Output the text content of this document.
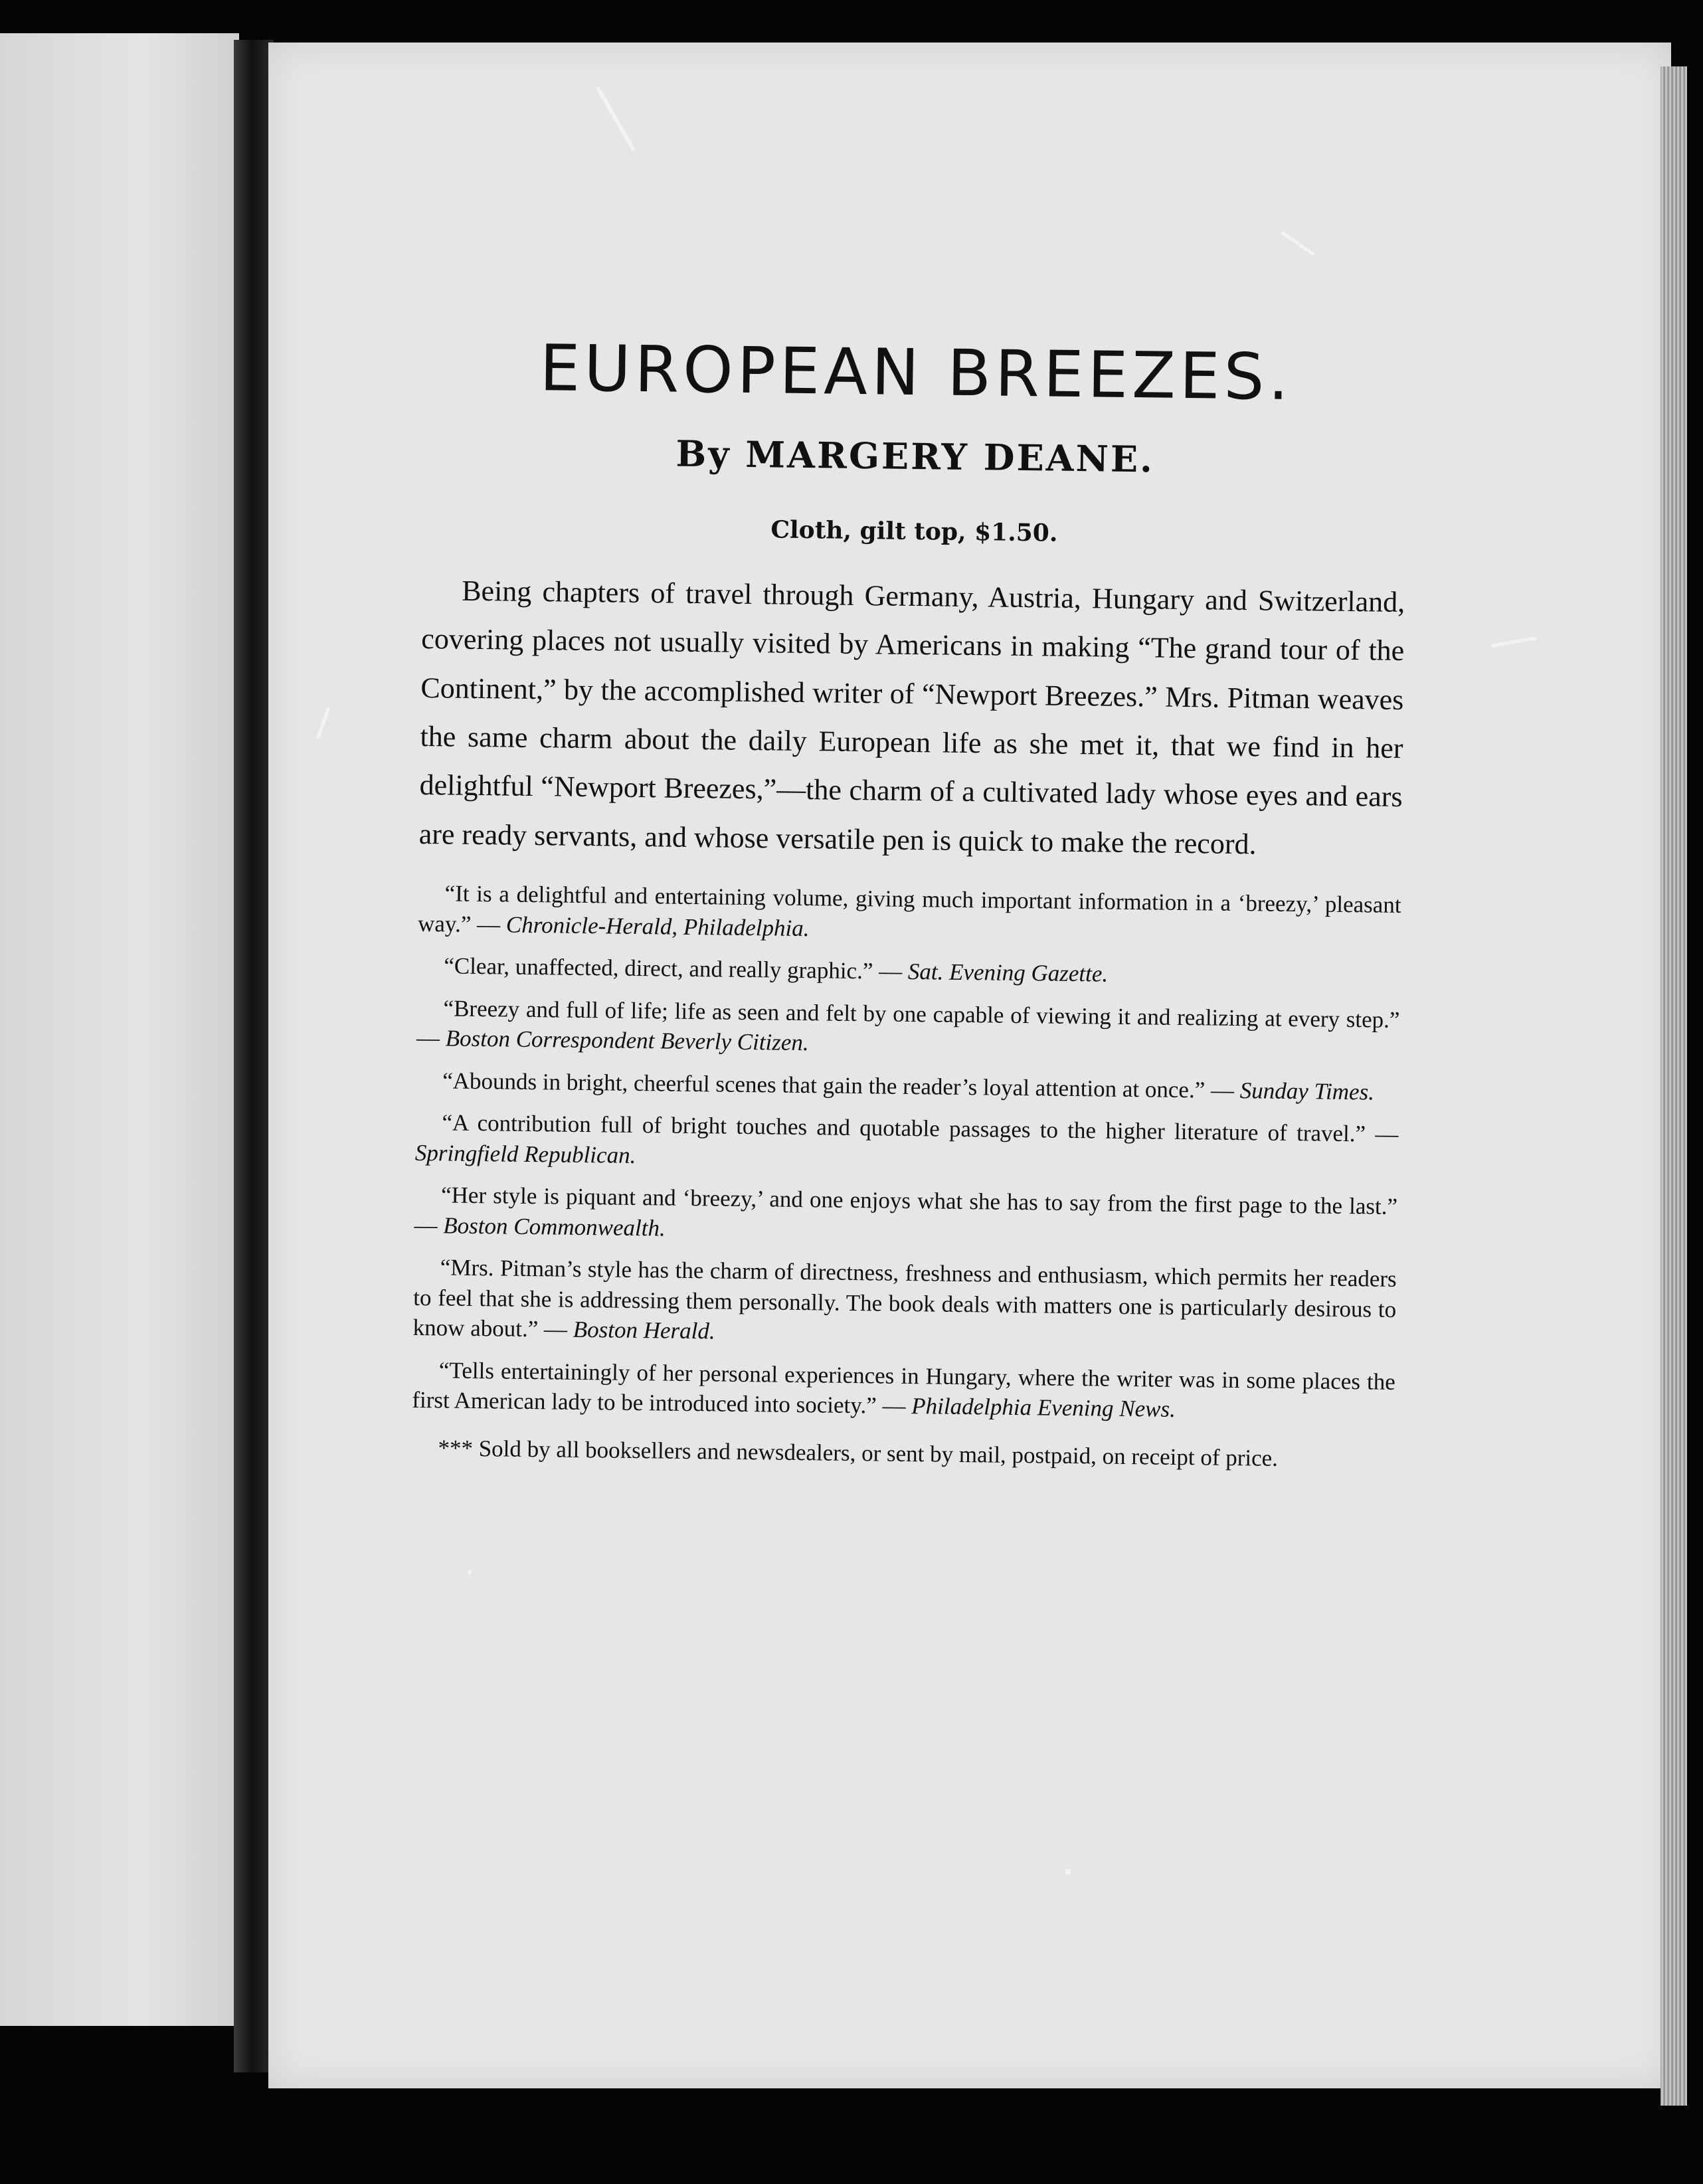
EUROPEAN BREEZES.
By MARGERY DEANE.
Cloth, gilt top, $1.50.

Being chapters of travel through Germany, Austria, Hungary and Switzerland, covering places not usually visited by Americans in making “The grand tour of the Continent,” by the accomplished writer of “Newport Breezes.” Mrs. Pitman weaves the same charm about the daily European life as she met it, that we find in her delightful “Newport Breezes,”—the charm of a cultivated lady whose eyes and ears are ready servants, and whose versatile pen is quick to make the record.

“It is a delightful and entertaining volume, giving much important information in a ‘breezy,’ pleasant way.” — Chronicle-Herald, Philadelphia.

“Clear, unaffected, direct, and really graphic.” — Sat. Evening Gazette.

“Breezy and full of life; life as seen and felt by one capable of viewing it and realizing at every step.” — Boston Correspondent Beverly Citizen.

“Abounds in bright, cheerful scenes that gain the reader’s loyal attention at once.” — Sunday Times.

“A contribution full of bright touches and quotable passages to the higher literature of travel.” — Springfield Republican.

“Her style is piquant and ‘breezy,’ and one enjoys what she has to say from the first page to the last.” — Boston Commonwealth.

“Mrs. Pitman’s style has the charm of directness, freshness and enthusiasm, which permits her readers to feel that she is addressing them personally. The book deals with matters one is particularly desirous to know about.” — Boston Herald.

“Tells entertainingly of her personal experiences in Hungary, where the writer was in some places the first American lady to be introduced into society.” — Philadelphia Evening News.

*** Sold by all booksellers and newsdealers, or sent by mail, postpaid, on receipt of price.
